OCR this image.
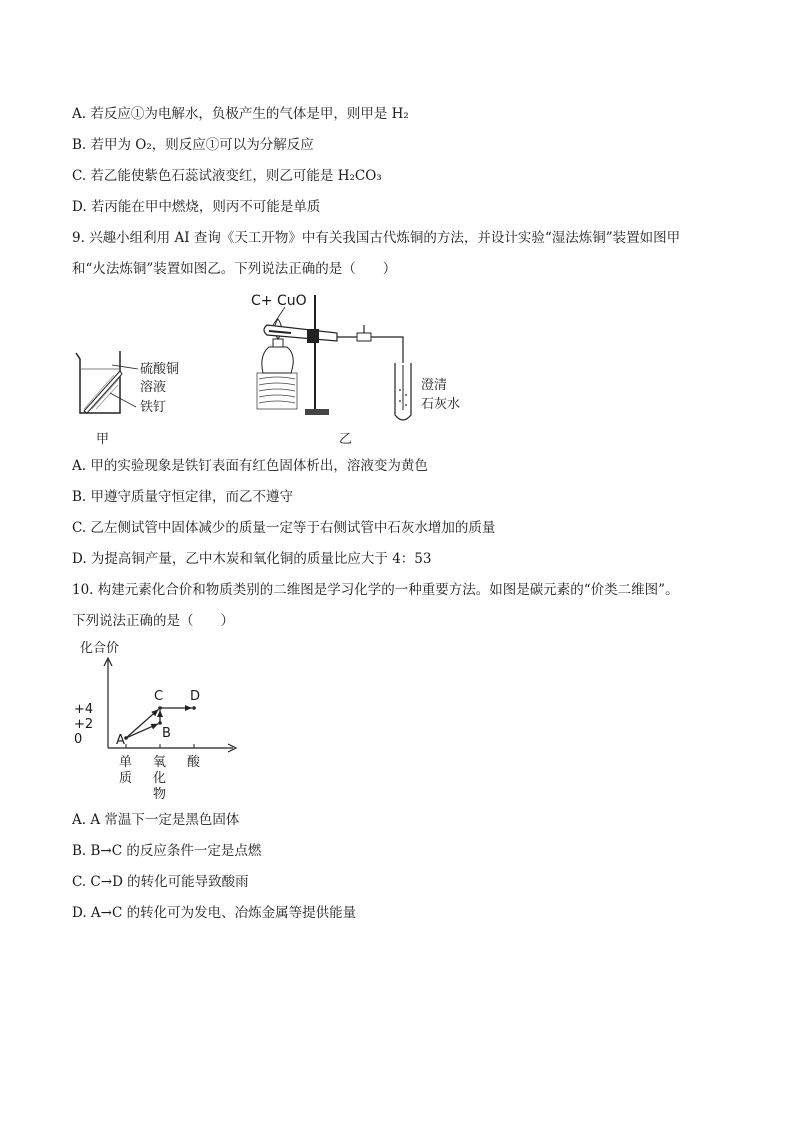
A. 若反应①为电解水，负极产生的气体是甲，则甲是 H₂
B. 若甲为 O₂，则反应①可以为分解反应
C. 若乙能使紫色石蕊试液变红，则乙可能是 H₂CO₃
D. 若丙能在甲中燃烧，则丙不可能是单质
9. 兴趣小组利用 AI 查询《天工开物》中有关我国古代炼铜的方法，并设计实验“湿法炼铜”装置如图甲
和“火法炼铜”装置如图乙。下列说法正确的是（　　）
硫酸铜
溶液
铁钉
甲
C+ CuO
澄清
石灰水
乙
A. 甲的实验现象是铁钉表面有红色固体析出，溶液变为黄色
B. 甲遵守质量守恒定律，而乙不遵守
C. 乙左侧试管中固体减少的质量一定等于右侧试管中石灰水增加的质量
D. 为提高铜产量，乙中木炭和氧化铜的质量比应大于 4：53
10. 构建元素化合价和物质类别的二维图是学习化学的一种重要方法。如图是碳元素的“价类二维图”。
下列说法正确的是（　　）
化合价
+4
+2
0
单
质
氧
化
物
酸
A	B
C D
A. A 常温下一定是黑色固体
B. B→C 的反应条件一定是点燃
C. C→D 的转化可能导致酸雨
D. A→C 的转化可为发电、冶炼金属等提供能量
